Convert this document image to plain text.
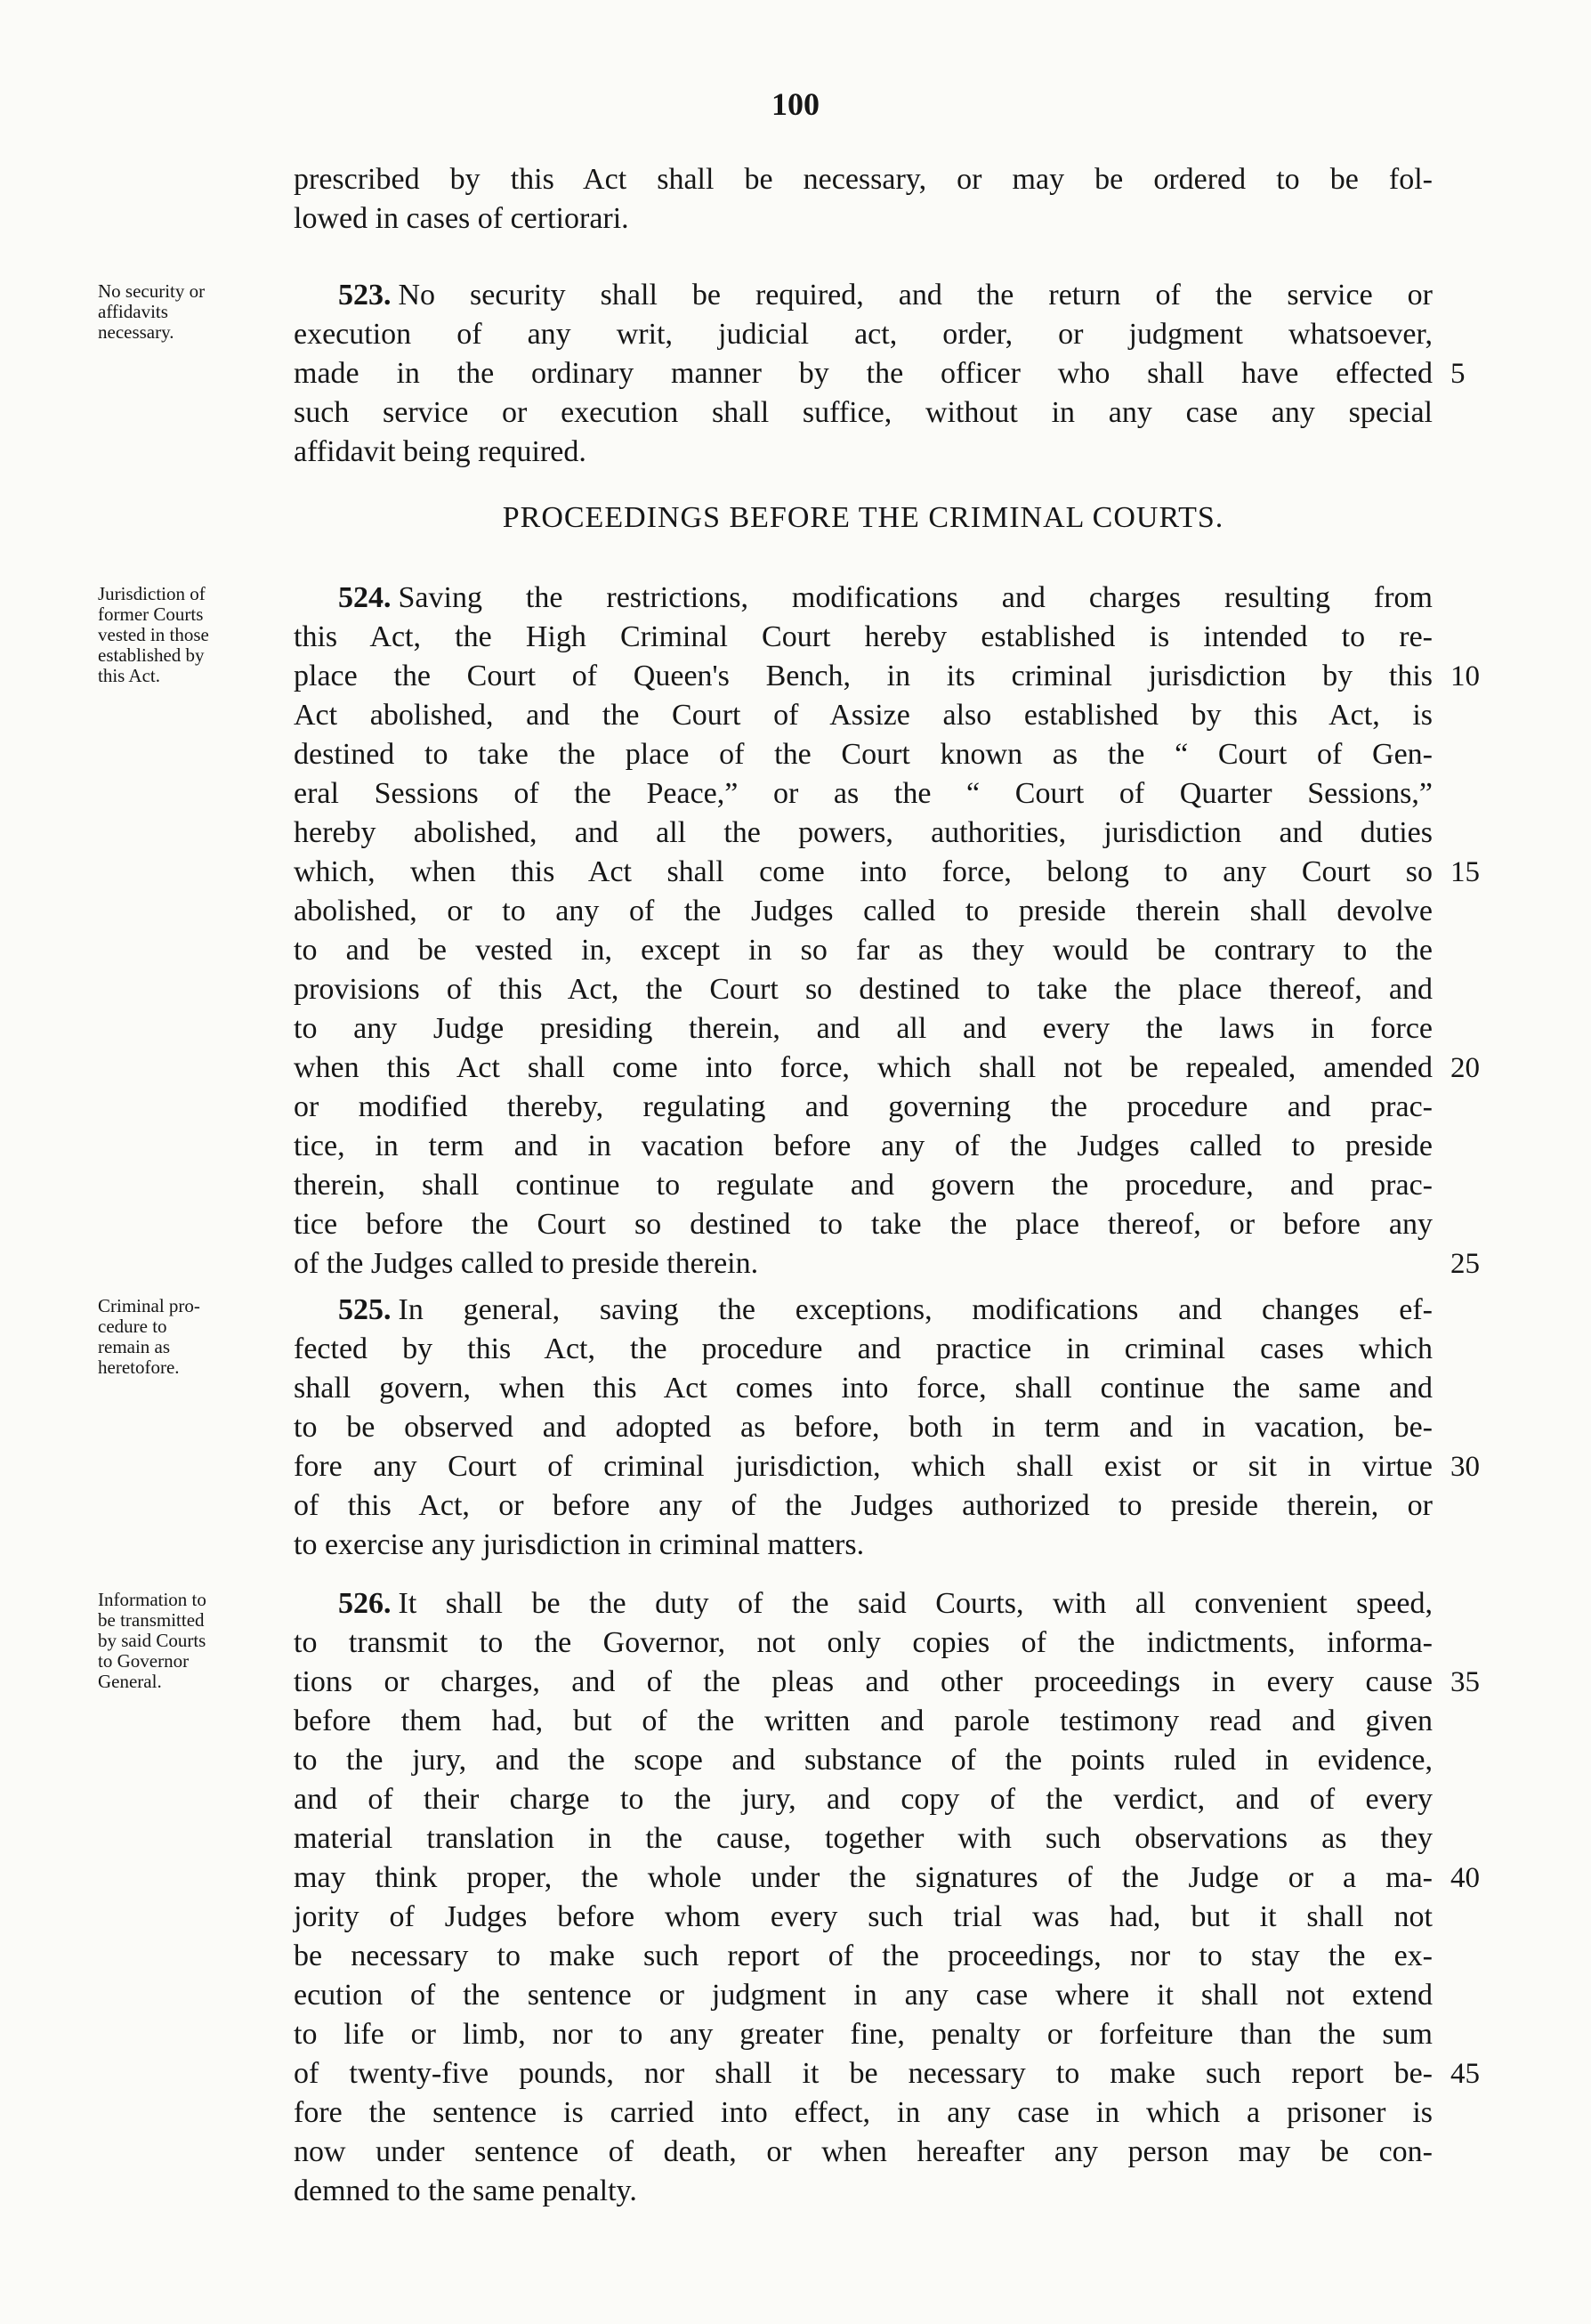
100
prescribed by this Act shall be necessary, or may be ordered to be fol-
lowed in cases of certiorari.
No security or
affidavits
necessary.
523. No security shall be required, and the return of the service or
execution of any writ, judicial act, order, or judgment whatsoever,
made in the ordinary manner by the officer who shall have effected 5
such service or execution shall suffice, without in any case any special
affidavit being required.
PROCEEDINGS BEFORE THE CRIMINAL COURTS.
Jurisdiction of
former Courts
vested in those
established by
this Act.
524. Saving the restrictions, modifications and charges resulting from
this Act, the High Criminal Court hereby established is intended to re-
place the Court of Queen's Bench, in its criminal jurisdiction by this 10
Act abolished, and the Court of Assize also established by this Act, is
destined to take the place of the Court known as the “ Court of Gen-
eral Sessions of the Peace,” or as the “ Court of Quarter Sessions,”
hereby abolished, and all the powers, authorities, jurisdiction and duties
which, when this Act shall come into force, belong to any Court so 15
abolished, or to any of the Judges called to preside therein shall devolve
to and be vested in, except in so far as they would be contrary to the
provisions of this Act, the Court so destined to take the place thereof, and
to any Judge presiding therein, and all and every the laws in force
when this Act shall come into force, which shall not be repealed, amended 20
or modified thereby, regulating and governing the procedure and prac-
tice, in term and in vacation before any of the Judges called to preside
therein, shall continue to regulate and govern the procedure, and prac-
tice before the Court so destined to take the place thereof, or before any
of the Judges called to preside therein.	25
Criminal pro-
cedure to
remain as
heretofore.
525. In general, saving the exceptions, modifications and changes ef-
fected by this Act, the procedure and practice in criminal cases which
shall govern, when this Act comes into force, shall continue the same and
to be observed and adopted as before, both in term and in vacation, be-
fore any Court of criminal jurisdiction, which shall exist or sit in virtue 30
of this Act, or before any of the Judges authorized to preside therein, or
to exercise any jurisdiction in criminal matters.
Information to
be transmitted
by said Courts
to Governor
General.
526. It shall be the duty of the said Courts, with all convenient speed,
to transmit to the Governor, not only copies of the indictments, informa-
tions or charges, and of the pleas and other proceedings in every cause 35
before them had, but of the written and parole testimony read and given
to the jury, and the scope and substance of the points ruled in evidence,
and of their charge to the jury, and copy of the verdict, and of every
material translation in the cause, together with such observations as they
may think proper, the whole under the signatures of the Judge or a ma- 40
jority of Judges before whom every such trial was had, but it shall not
be necessary to make such report of the proceedings, nor to stay the ex-
ecution of the sentence or judgment in any case where it shall not extend
to life or limb, nor to any greater fine, penalty or forfeiture than the sum
of twenty-five pounds, nor shall it be necessary to make such report be- 45
fore the sentence is carried into effect, in any case in which a prisoner is
now under sentence of death, or when hereafter any person may be con-
demned to the same penalty.
